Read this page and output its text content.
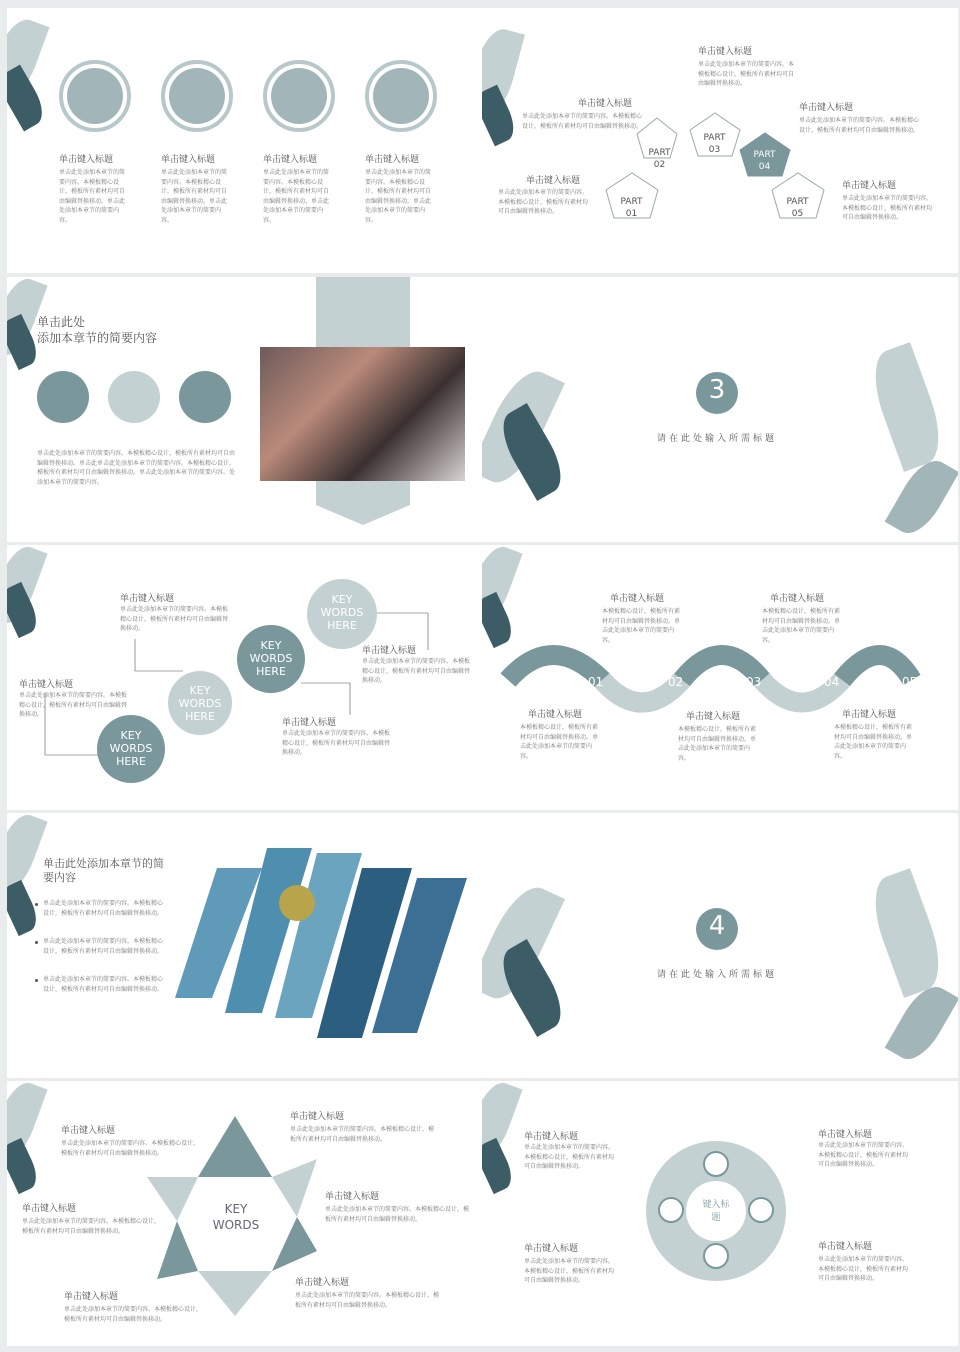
单击键入标题
单击此处添加本章节的简要内容。本模板精心设计，模板所有素材均可自由编辑替换移动。单击此处添加本章节的简要内容。
单击键入标题
单击此处添加本章节的简要内容。本模板精心设计，模板所有素材均可自由编辑替换移动。单击此处添加本章节的简要内容。
单击键入标题
单击此处添加本章节的简要内容。本模板精心设计，模板所有素材均可自由编辑替换移动。单击此处添加本章节的简要内容。
单击键入标题
单击此处添加本章节的简要内容。本模板精心设计，模板所有素材均可自由编辑替换移动。单击此处添加本章节的简要内容。
PART 02
PART 03	PART 04
PART 01
PART 05
单击键入标题
单击此处添加本章节的简要内容。本模板精心设计，模板所有素材均可自由编辑替换移动。
单击键入标题
单击此处添加本章节的简要内容。本模板精心设计，模板所有素材均可自由编辑替换移动。
单击键入标题
单击此处添加本章节的简要内容。本模板精心设计，模板所有素材均可自由编辑替换移动。
单击键入标题
单击此处添加本章节的简要内容。本模板精心设计，模板所有素材均可自由编辑替换移动。
单击键入标题
单击此处添加本章节的简要内容。本模板精心设计，模板所有素材均可自由编辑替换移动。
单击此处
添加本章节的简要内容
单击此处添加本章节的简要内容。本模板精心设计，模板所有素材均可自由编辑替换移动。单击此单击此处添加本章节的简要内容。本模板精心设计，模板所有素材均可自由编辑替换移动。单击此处添加本章节的简要内容。处添加本章节的简要内容。
3
请在此处输入所需标题
KEY WORDS HERE
KEY WORDS HERE
KEY WORDS HERE
KEY WORDS HERE
单击键入标题
单击此处添加本章节的简要内容。本模板精心设计，模板所有素材均可自由编辑替换移动。
单击键入标题
单击此处添加本章节的简要内容。本模板精心设计，模板所有素材均可自由编辑替换移动。
单击键入标题
单击此处添加本章节的简要内容。本模板精心设计，模板所有素材均可自由编辑替换移动。
单击键入标题
单击此处添加本章节的简要内容。本模板精心设计，模板所有素材均可自由编辑替换移动。
01	02	03	04	05
单击键入标题
本模板精心设计，模板所有素材均可自由编辑替换移动。单击此处添加本章节的简要内容。
单击键入标题
本模板精心设计，模板所有素材均可自由编辑替换移动。单击此处添加本章节的简要内容。
单击键入标题
本模板精心设计，模板所有素材均可自由编辑替换移动。单击此处添加本章节的简要内容。
单击键入标题
本模板精心设计，模板所有素材均可自由编辑替换移动。单击此处添加本章节的简要内容。
单击键入标题
本模板精心设计，模板所有素材均可自由编辑替换移动。单击此处添加本章节的简要内容。
单击此处添加本章节的简要内容
单击此处添加本章节的简要内容。本模板精心设计，模板所有素材均可自由编辑替换移动。
单击此处添加本章节的简要内容。本模板精心设计，模板所有素材均可自由编辑替换移动。
单击此处添加本章节的简要内容。本模板精心设计，模板所有素材均可自由编辑替换移动。
4
请在此处输入所需标题
KEY WORDS
单击键入标题
单击此处添加本章节的简要内容。本模板精心设计，模板所有素材均可自由编辑替换移动。
单击键入标题
单击此处添加本章节的简要内容。本模板精心设计，模板所有素材均可自由编辑替换移动。
单击键入标题
单击此处添加本章节的简要内容。本模板精心设计，模板所有素材均可自由编辑替换移动。
单击键入标题
单击此处添加本章节的简要内容。本模板精心设计，模板所有素材均可自由编辑替换移动。
单击键入标题
单击此处添加本章节的简要内容。本模板精心设计，模板所有素材均可自由编辑替换移动。
单击键入标题
单击此处添加本章节的简要内容。本模板精心设计，模板所有素材均可自由编辑替换移动。
键入标题
单击键入标题
单击此处添加本章节的简要内容。本模板精心设计，模板所有素材均可自由编辑替换移动。
单击键入标题
单击此处添加本章节的简要内容。本模板精心设计，模板所有素材均可自由编辑替换移动。
单击键入标题
单击此处添加本章节的简要内容。本模板精心设计，模板所有素材均可自由编辑替换移动。
单击键入标题
单击此处添加本章节的简要内容。本模板精心设计，模板所有素材均可自由编辑替换移动。
